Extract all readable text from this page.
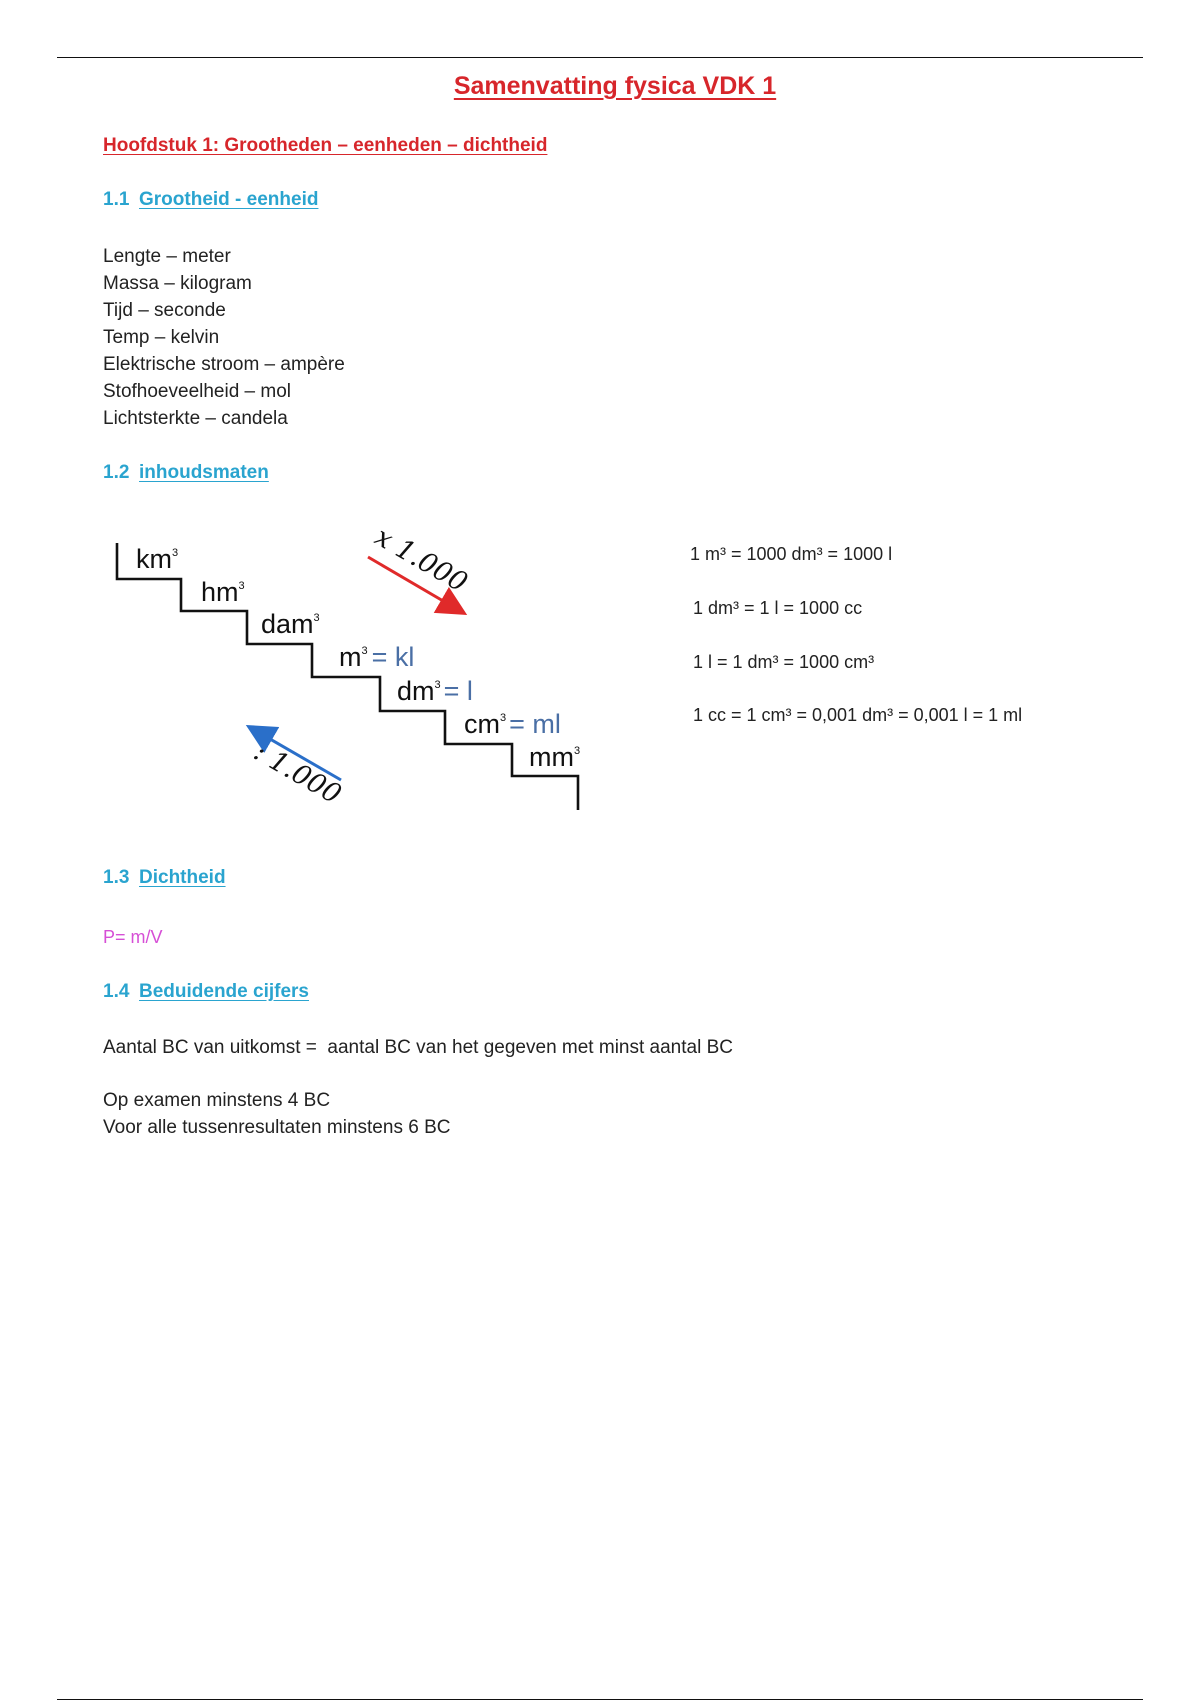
Samenvatting fysica VDK 1
Hoofdstuk 1: Grootheden – eenheden – dichtheid
1.1 Grootheid - eenheid
Lengte – meter
Massa – kilogram
Tijd – seconde
Temp – kelvin
Elektrische stroom – ampère
Stofhoeveelheid – mol
Lichtsterkte – candela
1.2 inhoudsmaten
$km^3$
$hm^3$
dam$^3$
$m^3$ = kl
$dm^3 = l$
$cm^3$ = ml
$mm^3$
x 1.000
: 1.000
1 m³ = 1000 dm³ = 1000 l
1 dm³ = 1 l = 1000 cc
1 l = 1 dm³ = 1000 cm³
1 cc = 1 cm³ = 0,001 dm³ = 0,001 l = 1 ml
1.3 Dichtheid
P= m/V
1.4 Beduidende cijfers
Aantal BC van uitkomst =  aantal BC van het gegeven met minst aantal BC
Op examen minstens 4 BC
Voor alle tussenresultaten minstens 6 BC
